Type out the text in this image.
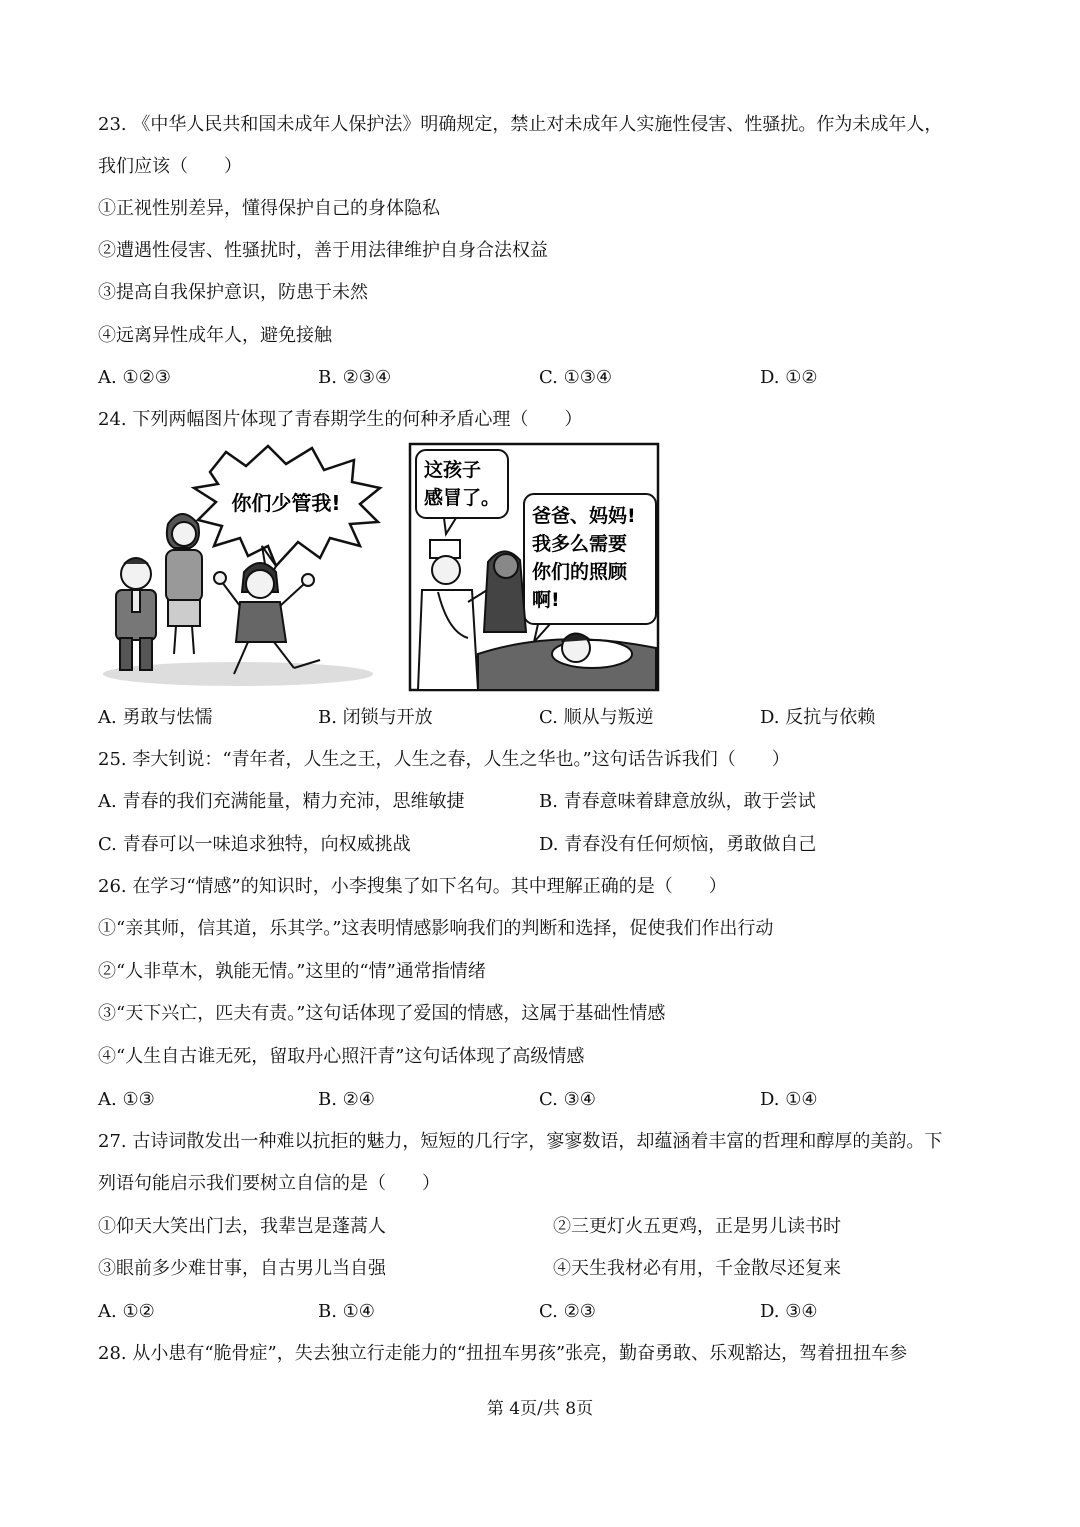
23. 《中华人民共和国未成年人保护法》明确规定，禁止对未成年人实施性侵害、性骚扰。作为未成年人，
我们应该（　　）
①正视性别差异，懂得保护自己的身体隐私
②遭遇性侵害、性骚扰时，善于用法律维护自身合法权益
③提高自我保护意识，防患于未然
④远离异性成年人，避免接触
A. ①②③	B. ②③④	C. ①③④	D. ①②
24. 下列两幅图片体现了青春期学生的何种矛盾心理（　　）
你们少管我!
这孩子
感冒了。
爸爸、妈妈!
我多么需要
你们的照顾
啊!
A. 勇敢与怯懦	B. 闭锁与开放	C. 顺从与叛逆	D. 反抗与依赖
25. 李大钊说：“青年者，人生之王，人生之春，人生之华也。”这句话告诉我们（　　）
A. 青春的我们充满能量，精力充沛，思维敏捷	B. 青春意味着肆意放纵，敢于尝试
C. 青春可以一味追求独特，向权威挑战	D. 青春没有任何烦恼，勇敢做自己
26. 在学习“情感”的知识时，小李搜集了如下名句。其中理解正确的是（　　）
①“亲其师，信其道，乐其学。”这表明情感影响我们的判断和选择，促使我们作出行动
②“人非草木，孰能无情。”这里的“情”通常指情绪
③“天下兴亡，匹夫有责。”这句话体现了爱国的情感，这属于基础性情感
④“人生自古谁无死，留取丹心照汗青”这句话体现了高级情感
A. ①③	B. ②④	C. ③④	D. ①④
27. 古诗词散发出一种难以抗拒的魅力，短短的几行字，寥寥数语，却蕴涵着丰富的哲理和醇厚的美韵。下
列语句能启示我们要树立自信的是（　　）
①仰天大笑出门去，我辈岂是蓬蒿人	②三更灯火五更鸡，正是男儿读书时
③眼前多少难甘事，自古男儿当自强	④天生我材必有用，千金散尽还复来
A. ①②	B. ①④	C. ②③	D. ③④
28. 从小患有“脆骨症”，失去独立行走能力的“扭扭车男孩”张亮，勤奋勇敢、乐观豁达，驾着扭扭车参
第 4页/共 8页
